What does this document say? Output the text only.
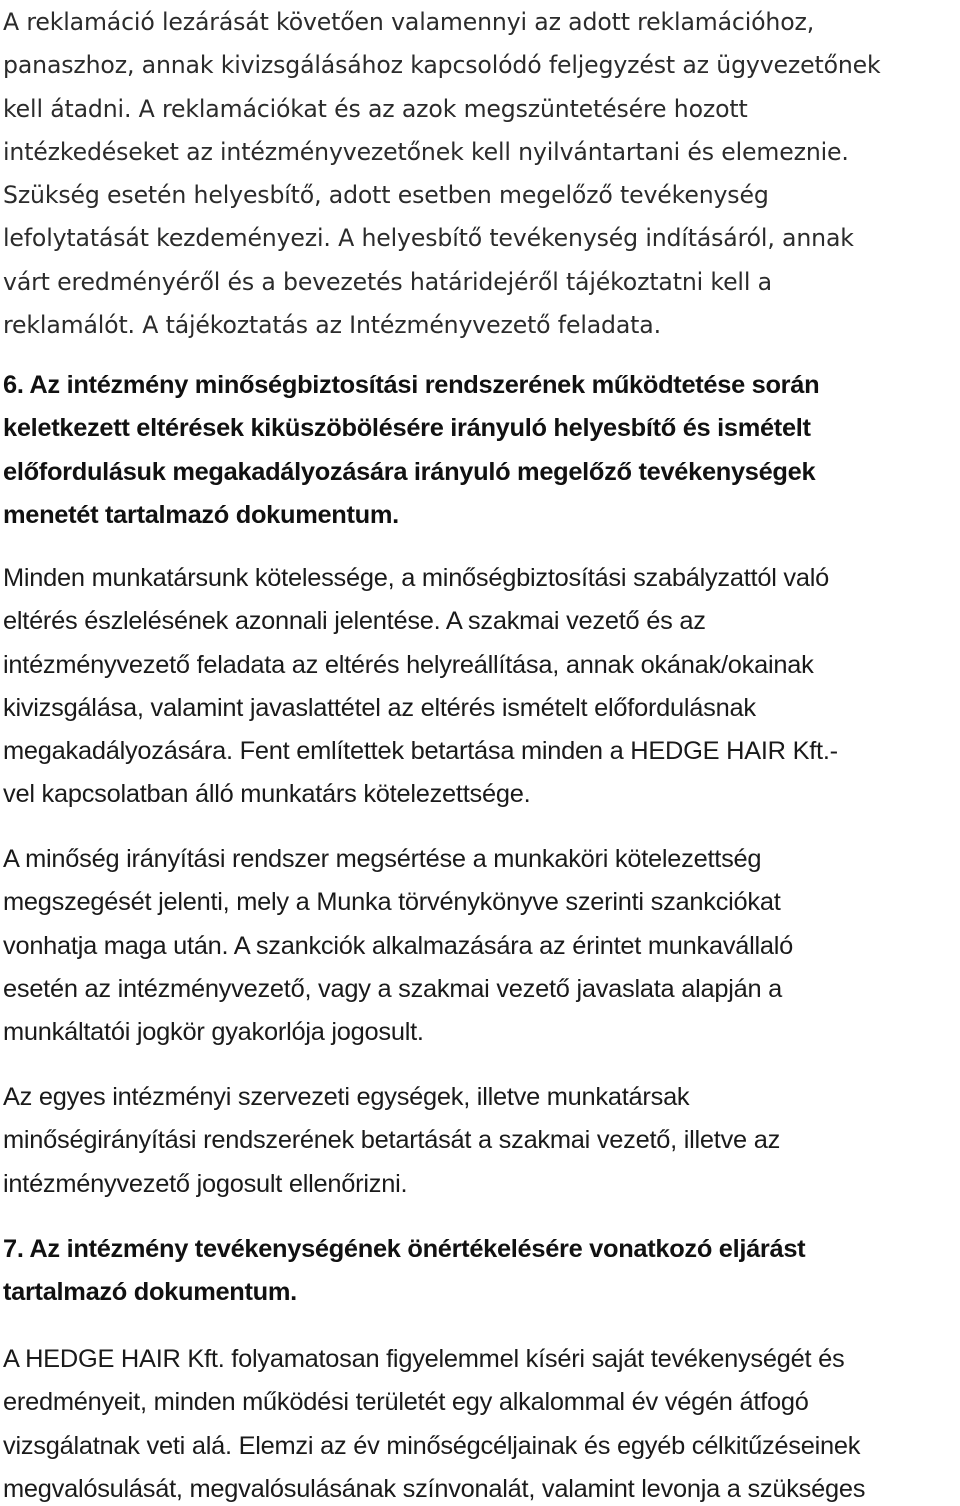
A reklamáció lezárását követően valamennyi az adott reklamációhoz,
panaszhoz, annak kivizsgálásához kapcsolódó feljegyzést az ügyvezetőnek
kell átadni. A reklamációkat és az azok megszüntetésére hozott
intézkedéseket az intézményvezetőnek kell nyilvántartani és elemeznie.
Szükség esetén helyesbítő, adott esetben megelőző tevékenység
lefolytatását kezdeményezi. A helyesbítő tevékenység indításáról, annak
várt eredményéről és a bevezetés határidejéről tájékoztatni kell a
reklamálót. A tájékoztatás az Intézményvezető feladata.
6. Az intézmény minőségbiztosítási rendszerének működtetése során
keletkezett eltérések kiküszöbölésére irányuló helyesbítő és ismételt
előfordulásuk megakadályozására irányuló megelőző tevékenységek
menetét tartalmazó dokumentum.
Minden munkatársunk kötelessége, a minőségbiztosítási szabályzattól való
eltérés észlelésének azonnali jelentése. A szakmai vezető és az
intézményvezető feladata az eltérés helyreállítása, annak okának/okainak
kivizsgálása, valamint javaslattétel az eltérés ismételt előfordulásnak
megakadályozására. Fent említettek betartása minden a HEDGE HAIR Kft.-
vel kapcsolatban álló munkatárs kötelezettsége.
A minőség irányítási rendszer megsértése a munkaköri kötelezettség
megszegését jelenti, mely a Munka törvénykönyve szerinti szankciókat
vonhatja maga után. A szankciók alkalmazására az érintet munkavállaló
esetén az intézményvezető, vagy a szakmai vezető javaslata alapján a
munkáltatói jogkör gyakorlója jogosult.
Az egyes intézményi szervezeti egységek, illetve munkatársak
minőségirányítási rendszerének betartását a szakmai vezető, illetve az
intézményvezető jogosult ellenőrizni.
7. Az intézmény tevékenységének önértékelésére vonatkozó eljárást
tartalmazó dokumentum.
A HEDGE HAIR Kft. folyamatosan figyelemmel kíséri saját tevékenységét és
eredményeit, minden működési területét egy alkalommal év végén átfogó
vizsgálatnak veti alá. Elemzi az év minőségcéljainak és egyéb célkitűzéseinek
megvalósulását, megvalósulásának színvonalát, valamint levonja a szükséges
